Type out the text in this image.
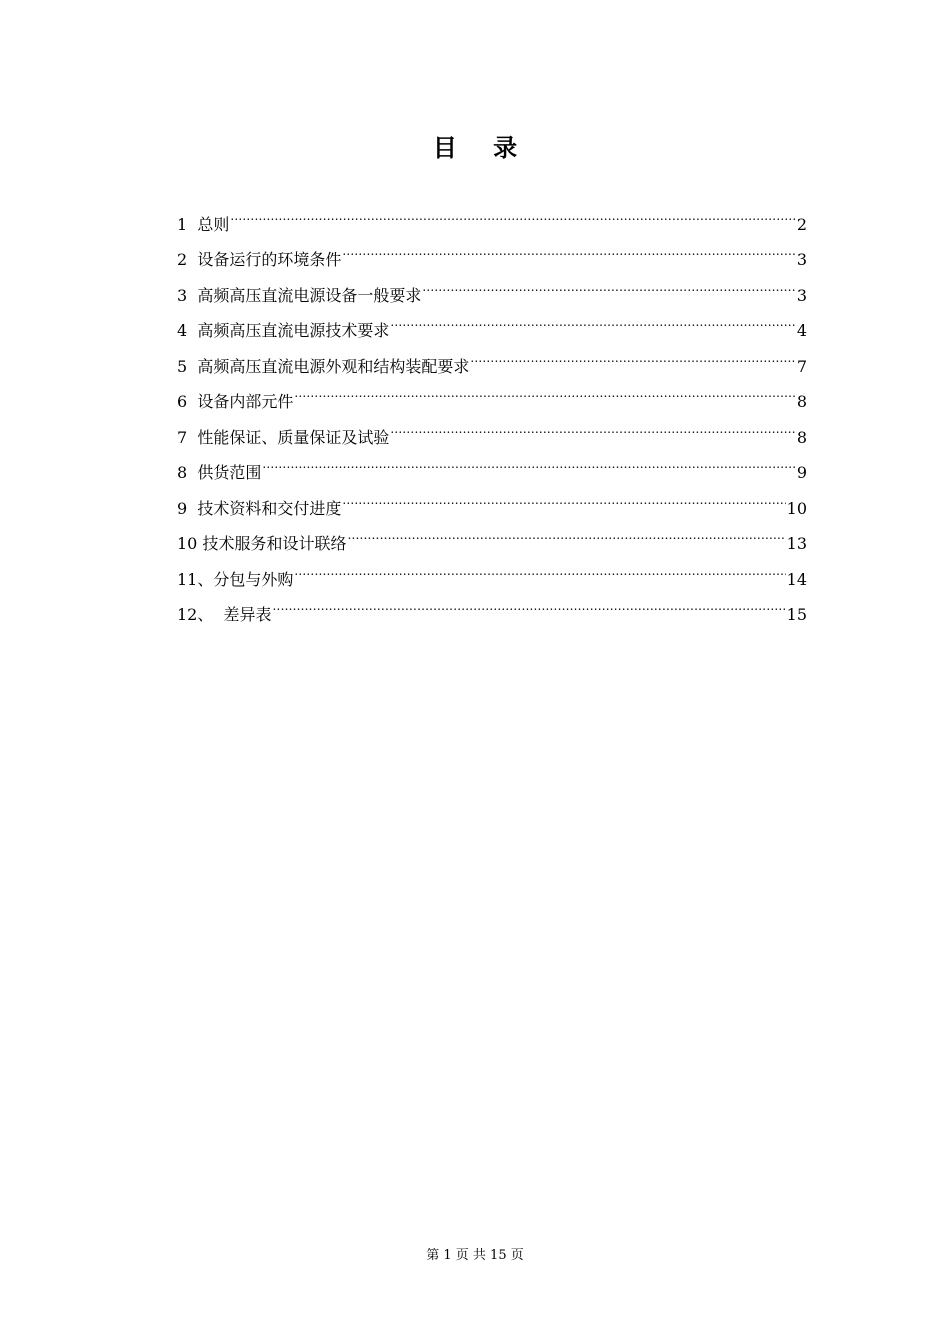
目 录
1  总则 .....	2
2  设备运行的环境条件 .....	3
3  高频高压直流电源设备一般要求 .....	3
4  高频高压直流电源技术要求 .....	4
5  高频高压直流电源外观和结构装配要求 .....	7
6  设备内部元件 .....	8
7  性能保证、质量保证及试验 .....	8
8  供货范围 .....	9
9  技术资料和交付进度 .....	10
10 技术服务和设计联络 .....	13
11、分包与外购 .....	14
12、  差异表 .....	15
第 1 页 共 15 页
